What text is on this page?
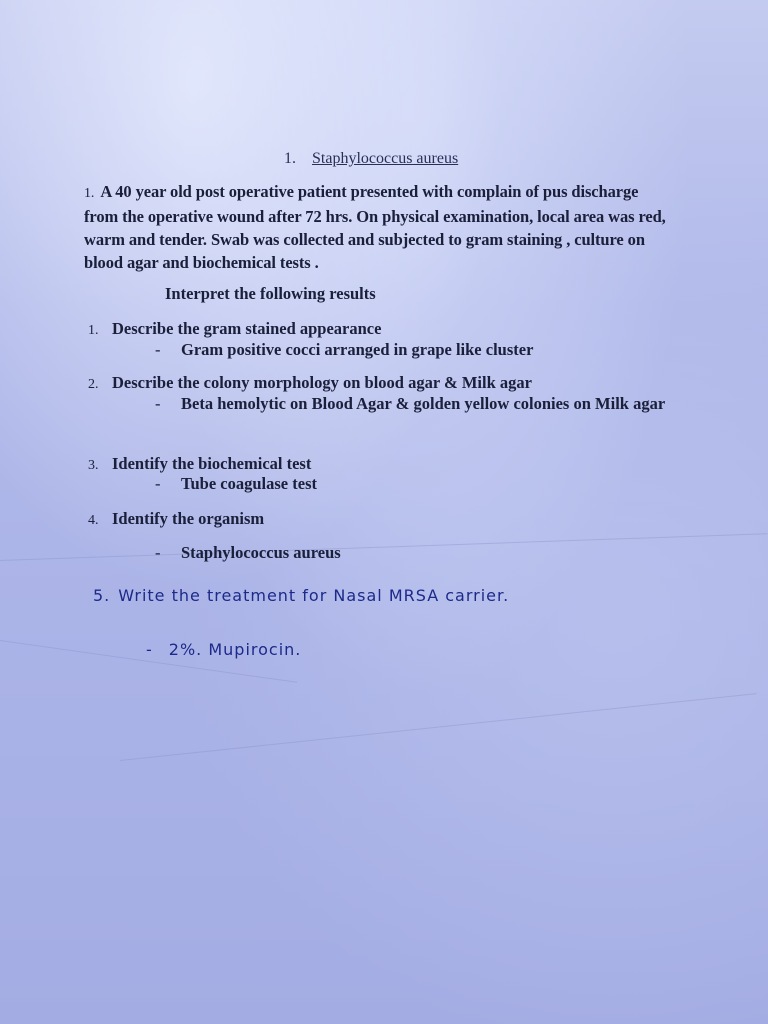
1. Staphylococcus aureus
1. A 40 year old post operative patient presented with complain of pus discharge from the operative wound after 72 hrs. On physical examination, local area was red, warm and tender. Swab was collected and subjected to gram staining , culture on blood agar and biochemical tests .
Interpret the following results
1. Describe the gram stained appearance
-	Gram positive cocci arranged in grape like cluster
2. Describe the colony morphology on blood agar & Milk agar
-	Beta hemolytic on Blood Agar & golden yellow colonies on Milk agar
3. Identify the biochemical test
-	Tube coagulase test
4. Identify the organism
-	Staphylococcus aureus
5. Write the treatment for Nasal MRSA carrier.
- 2%. Mupirocin.
